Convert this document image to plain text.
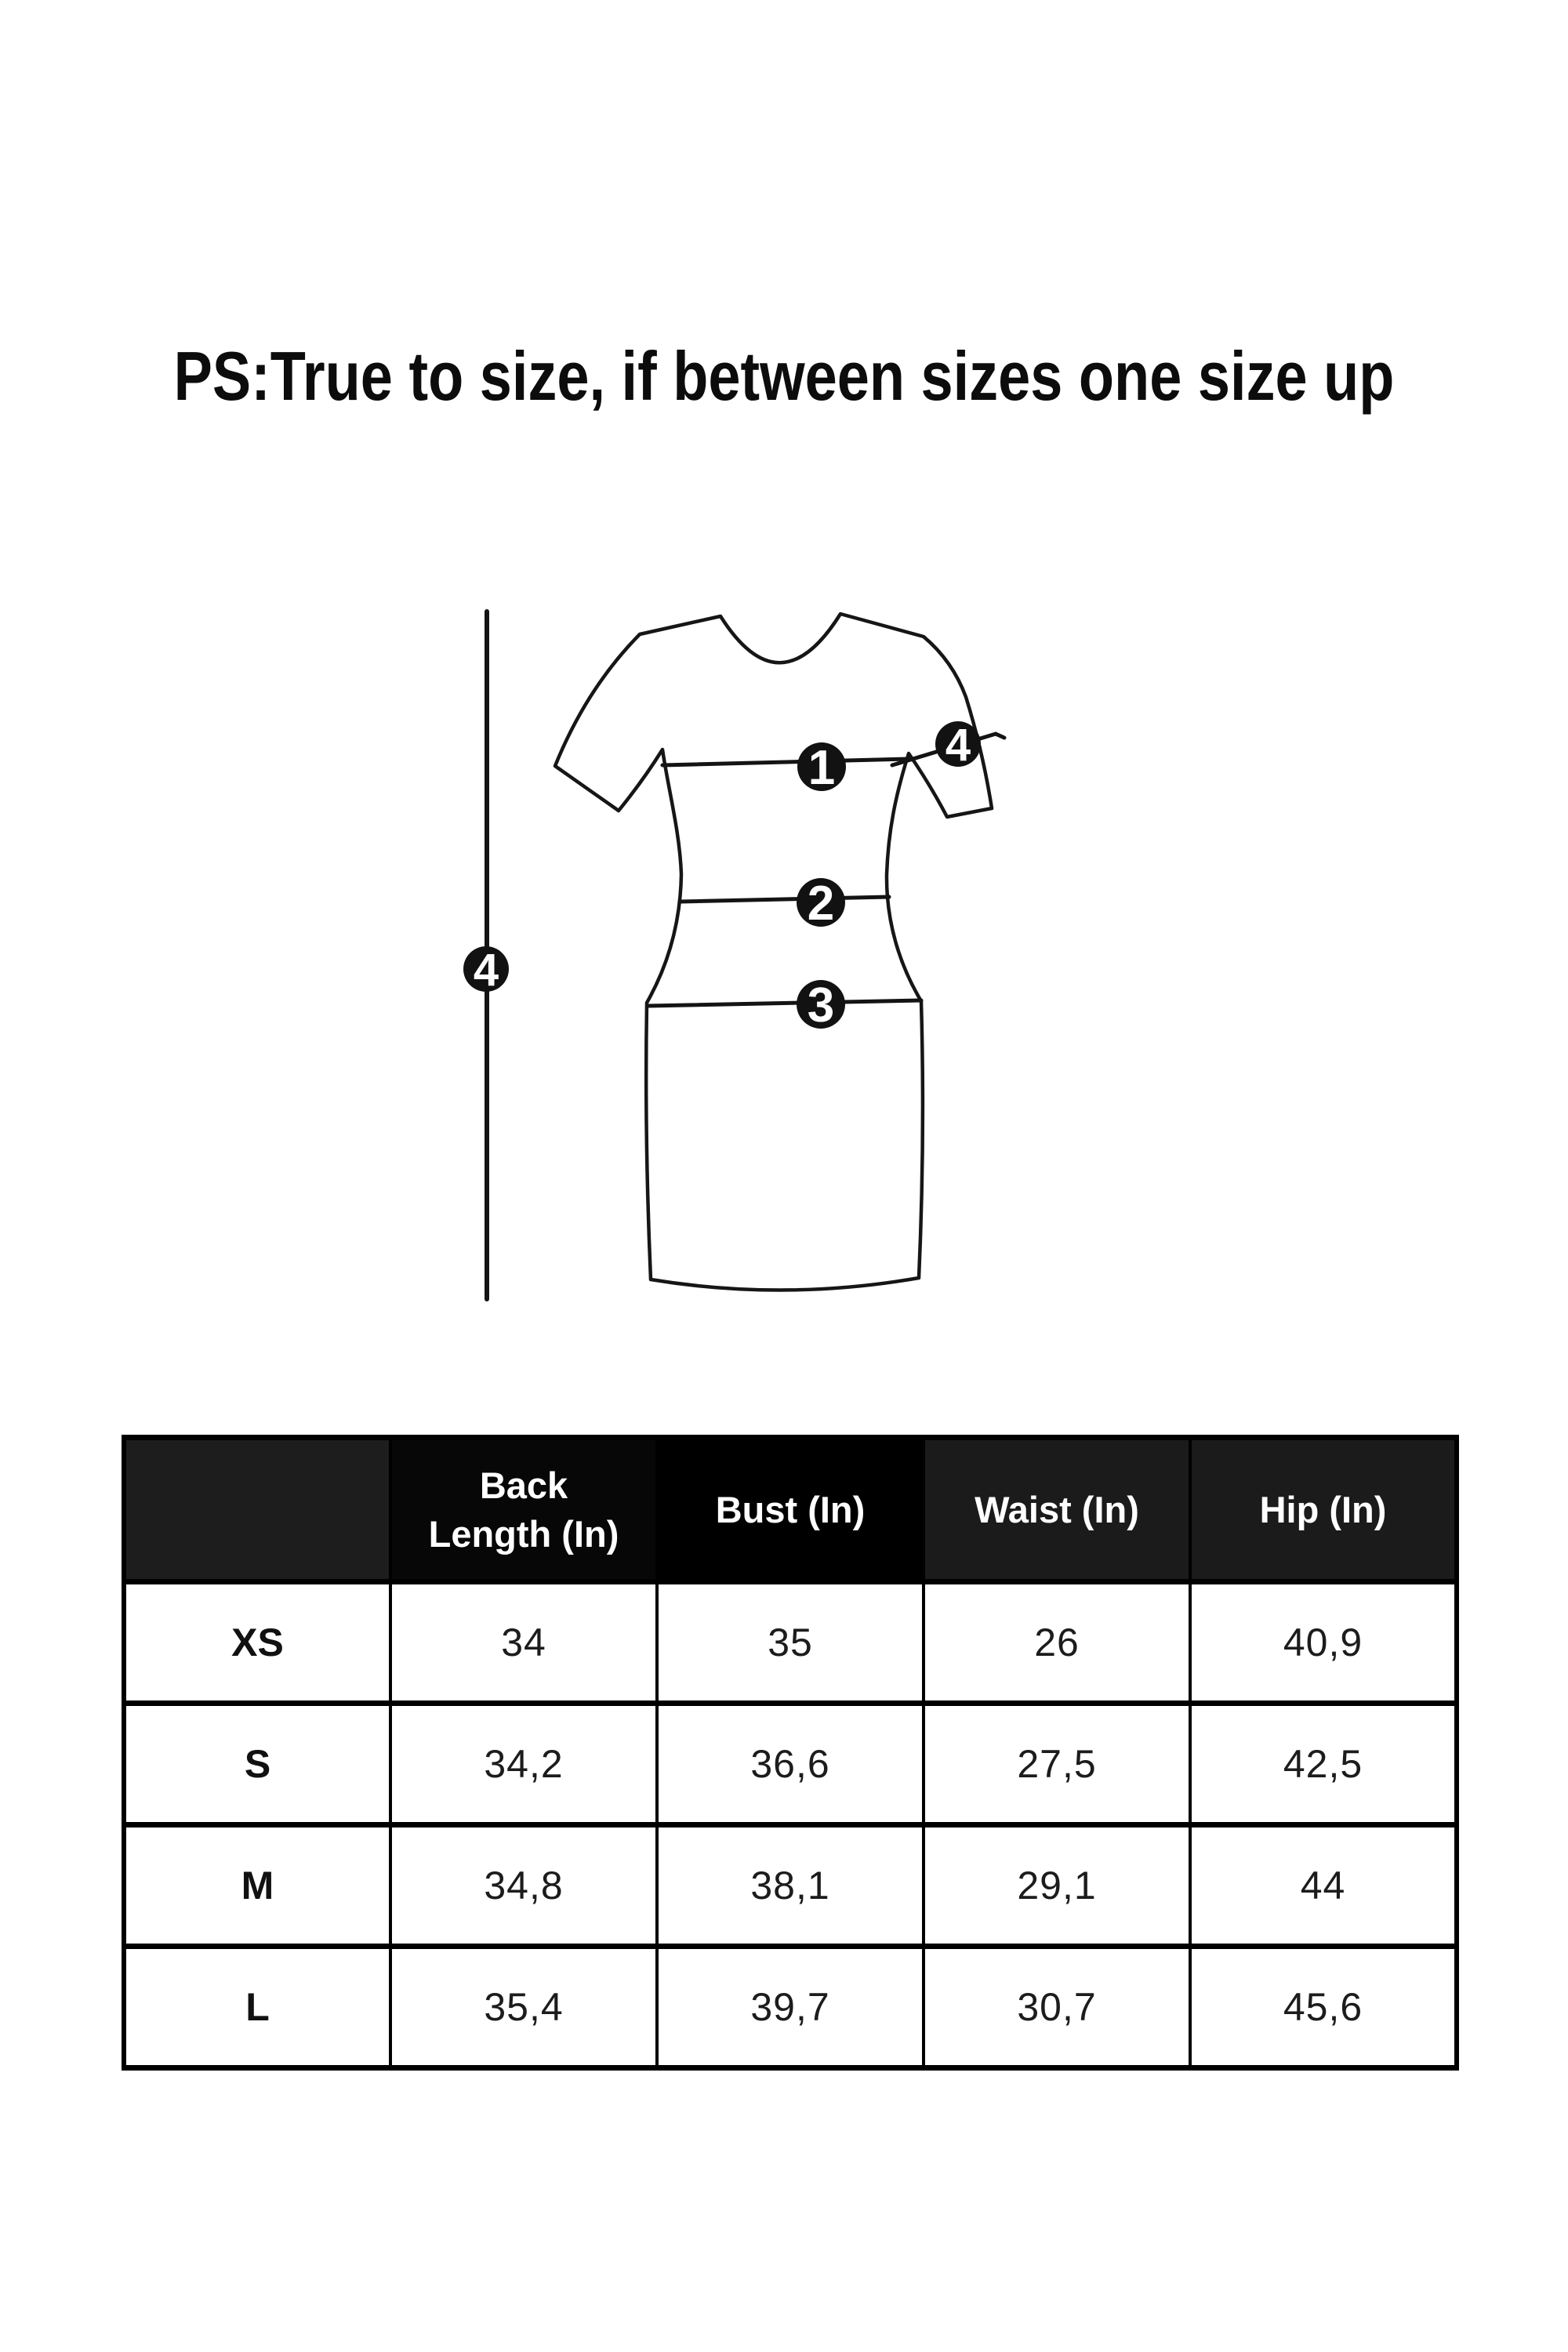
PS:True to size, if between sizes one size up
1
2
3
4
4
	Back Length (In)	Bust (In)	Waist (In)	Hip (In)
XS	34	35	26	40,9
S	34,2	36,6	27,5	42,5
M	34,8	38,1	29,1	44
L	35,4	39,7	30,7	45,6
